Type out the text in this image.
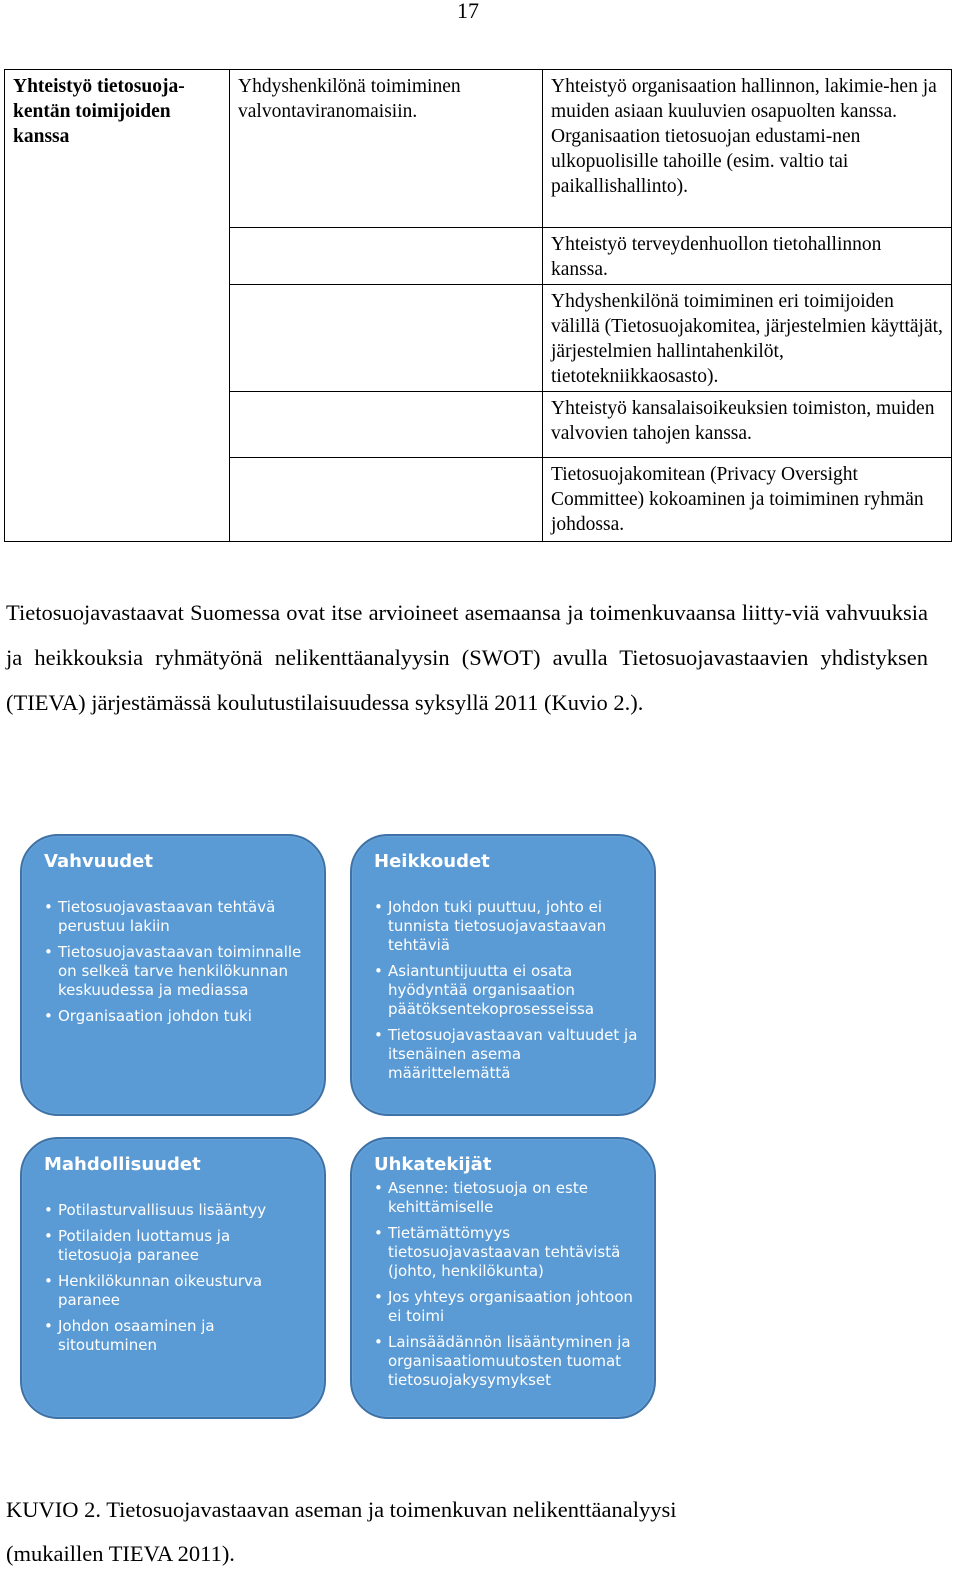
17
Yhteistyö tietosuoja-kentän toimijoiden kanssa	Yhdyshenkilönä toimiminen valvontaviranomaisiin.	Yhteistyö organisaation hallinnon, lakimie-hen ja muiden asiaan kuuluvien osapuolten kanssa. Organisaation tietosuojan edustami-nen ulkopuolisille tahoille (esim. valtio tai paikallishallinto).
		Yhteistyö terveydenhuollon tietohallinnon kanssa.
		Yhdyshenkilönä toimiminen eri toimijoiden välillä (Tietosuojakomitea, järjestelmien käyttäjät, järjestelmien hallintahenkilöt, tietotekniikkaosasto).
		Yhteistyö kansalaisoikeuksien toimiston, muiden valvovien tahojen kanssa.
		Tietosuojakomitean (Privacy Oversight Committee) kokoaminen ja toimiminen ryhmän johdossa.
Tietosuojavastaavat Suomessa ovat itse arvioineet asemaansa ja toimenkuvaansa liitty-viä vahvuuksia ja heikkouksia ryhmätyönä nelikenttäanalyysin (SWOT) avulla Tietosuojavastaavien yhdistyksen (TIEVA) järjestämässä koulutustilaisuudessa syksyllä 2011 (Kuvio 2.).
Vahvuudet
• Tietosuojavastaavan tehtävä perustuu lakiin
• Tietosuojavastaavan toiminnalle on selkeä tarve henkilökunnan keskuudessa ja mediassa
• Organisaation johdon tuki
Heikkoudet
• Johdon tuki puuttuu, johto ei tunnista tietosuojavastaavan tehtäviä
• Asiantuntijuutta ei osata hyödyntää organisaation päätöksentekoprosesseissa
• Tietosuojavastaavan valtuudet ja itsenäinen asema määrittelemättä
Mahdollisuudet
• Potilasturvallisuus lisääntyy
• Potilaiden luottamus ja tietosuoja paranee
• Henkilökunnan oikeusturva paranee
• Johdon osaaminen ja sitoutuminen
Uhkatekijät
• Asenne: tietosuoja on este kehittämiselle
• Tietämättömyys tietosuojavastaavan tehtävistä (johto, henkilökunta)
• Jos yhteys organisaation johtoon ei toimi
• Lainsäädännön lisääntyminen ja organisaatiomuutosten tuomat tietosuojakysymykset
KUVIO 2. Tietosuojavastaavan aseman ja toimenkuvan nelikenttäanalyysi
(mukaillen TIEVA 2011).
